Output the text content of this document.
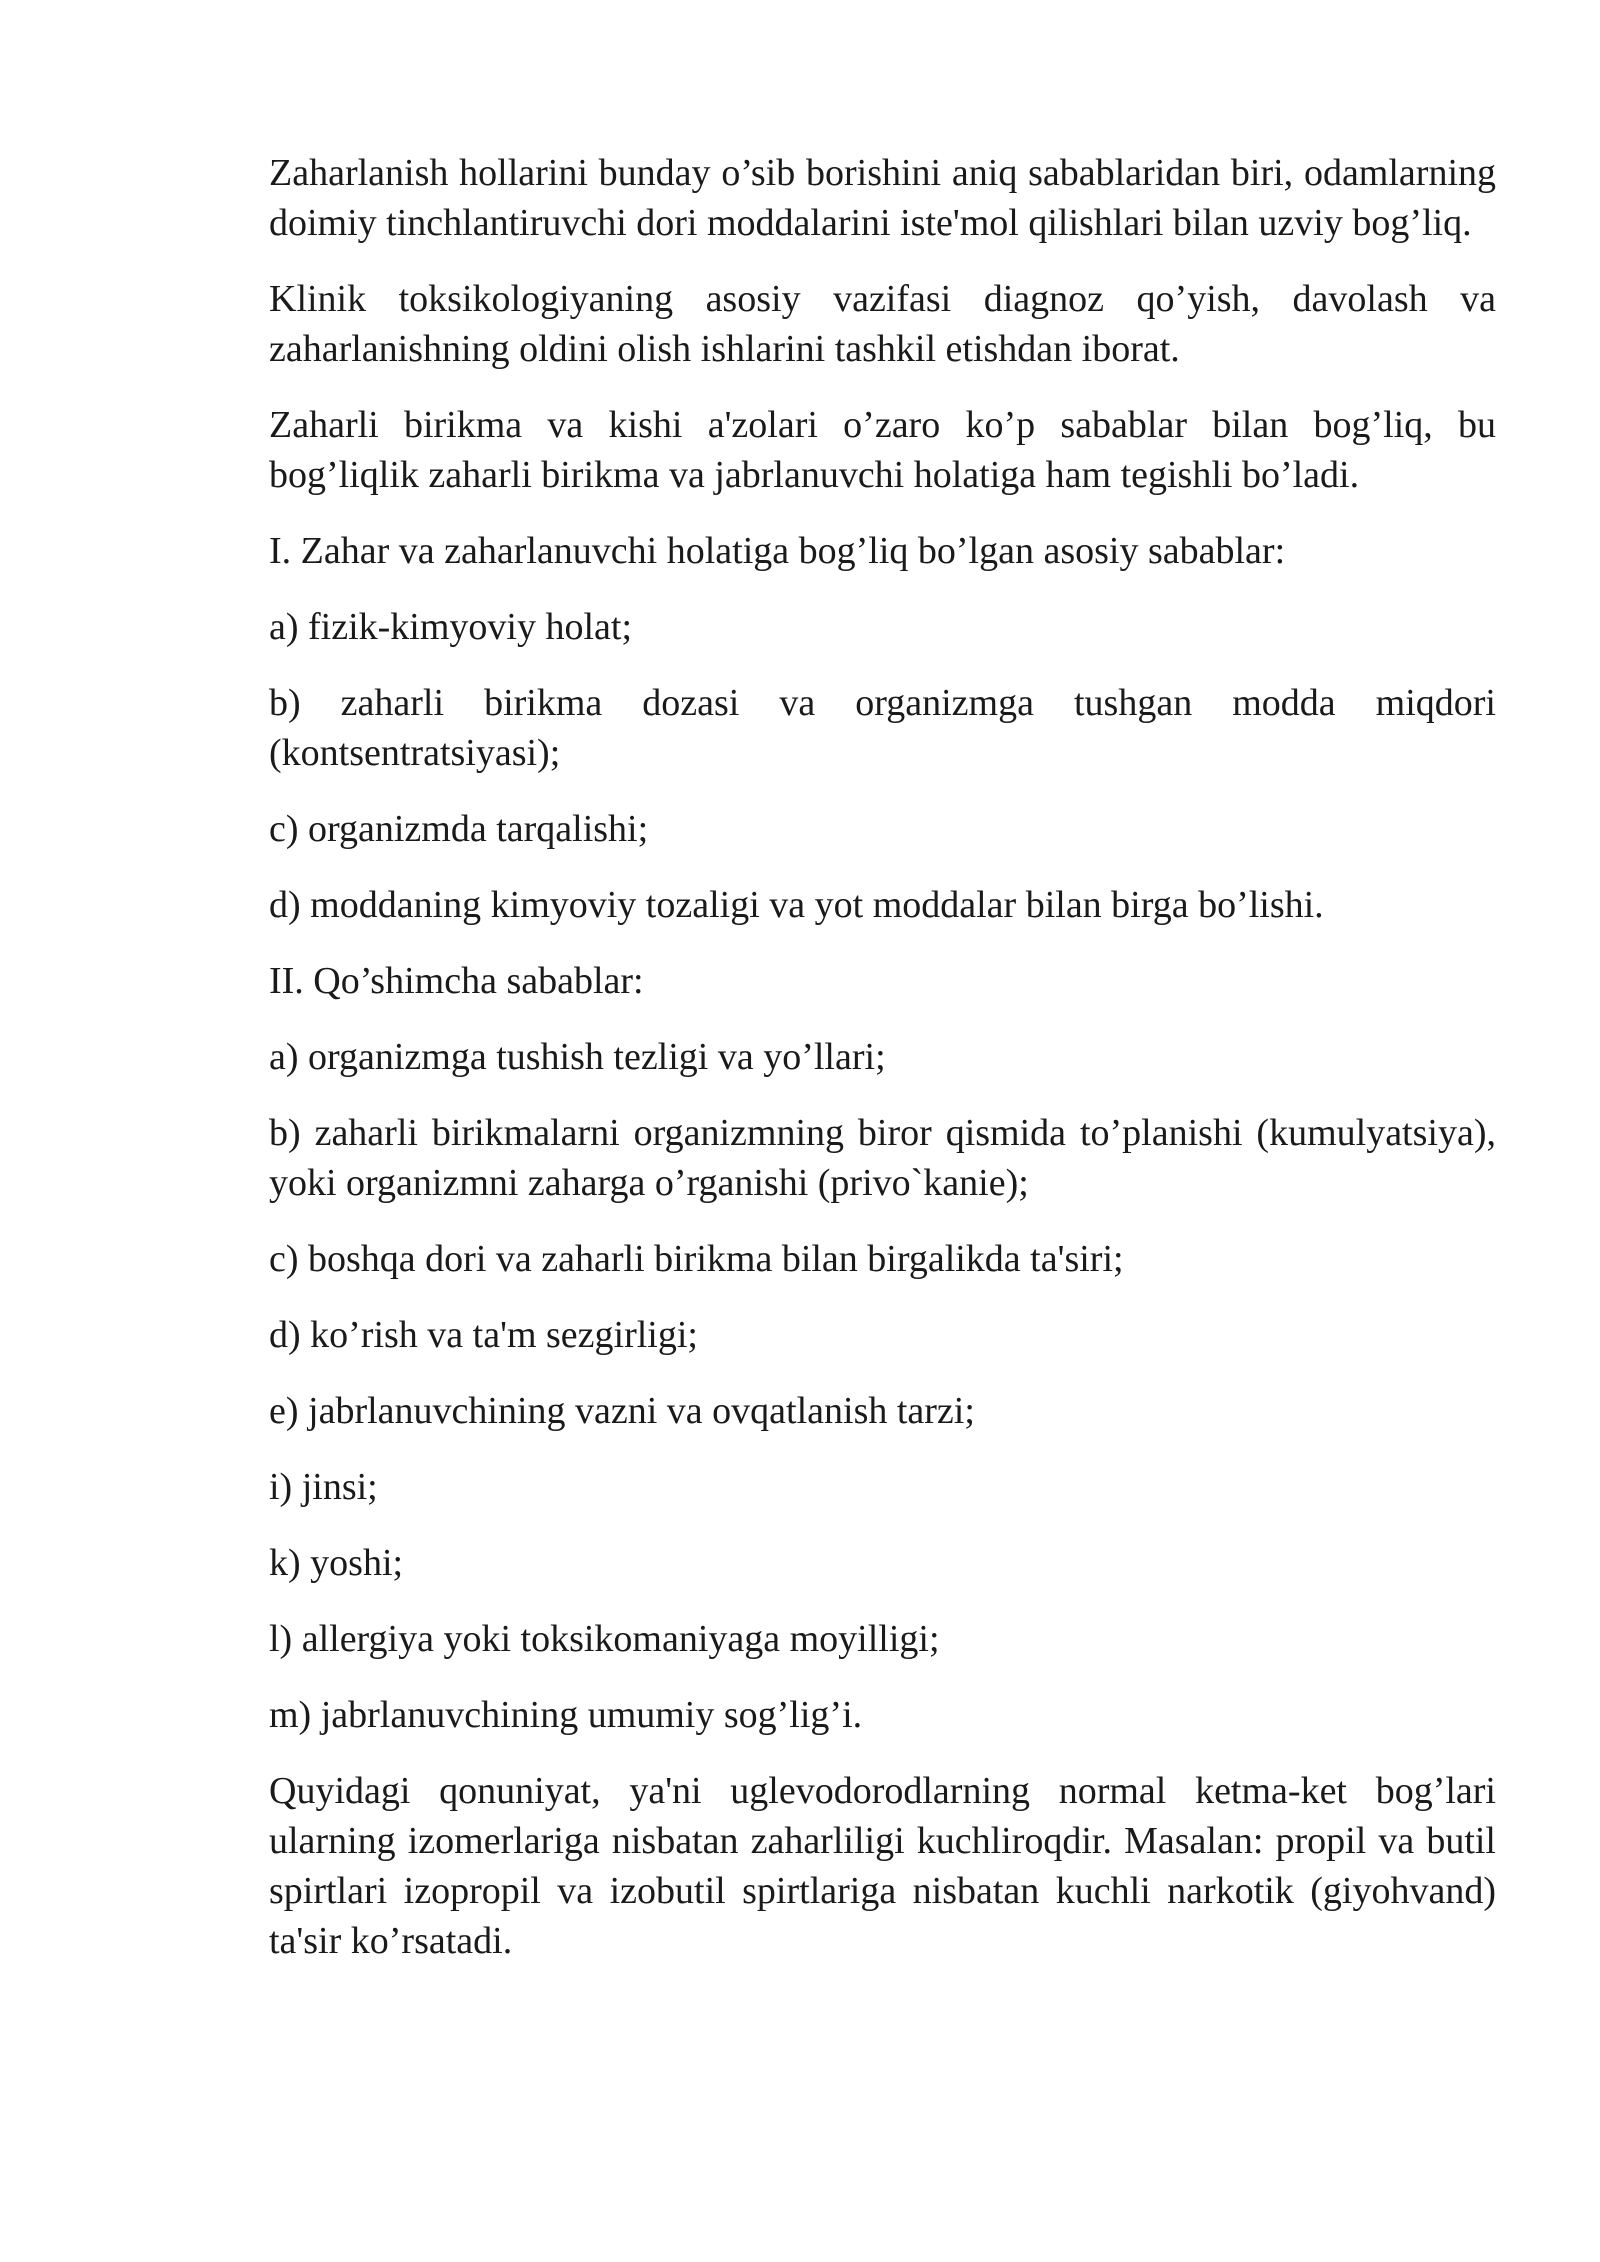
Zaharlanish hollarini bunday o’sib borishini aniq sabablaridan biri, odamlarning doimiy tinchlantiruvchi dori moddalarini iste'mol qilishlari bilan uzviy bog’liq.

Klinik toksikologiyaning asosiy vazifasi diagnoz qo’yish, davolash va zaharlanishning oldini olish ishlarini tashkil etishdan iborat.

Zaharli birikma va kishi a'zolari o’zaro ko’p sabablar bilan bog’liq, bu bog’liqlik zaharli birikma va jabrlanuvchi holatiga ham tegishli bo’ladi.

I. Zahar va zaharlanuvchi holatiga bog’liq bo’lgan asosiy sabablar:

a) fizik-kimyoviy holat;

b) zaharli birikma dozasi va organizmga tushgan modda miqdori (kontsentratsiyasi);

c) organizmda tarqalishi;

d) moddaning kimyoviy tozaligi va yot moddalar bilan birga bo’lishi.

II. Qo’shimcha sabablar:

a) organizmga tushish tezligi va yo’llari;

b) zaharli birikmalarni organizmning biror qismida to’planishi (kumulyatsiya), yoki organizmni zaharga o’rganishi (privo`kanie);

c) boshqa dori va zaharli birikma bilan birgalikda ta'siri;

d) ko’rish va ta'm sezgirligi;

e) jabrlanuvchining vazni va ovqatlanish tarzi;

i) jinsi;

k) yoshi;

l) allergiya yoki toksikomaniyaga moyilligi;

m) jabrlanuvchining umumiy sog’lig’i.

Quyidagi qonuniyat, ya'ni uglevodorodlarning normal ketma-ket bog’lari ularning izomerlariga nisbatan zaharliligi kuchliroqdir. Masalan: propil va butil spirtlari izopropil va izobutil spirtlariga nisbatan kuchli narkotik (giyohvand) ta'sir ko’rsatadi.
